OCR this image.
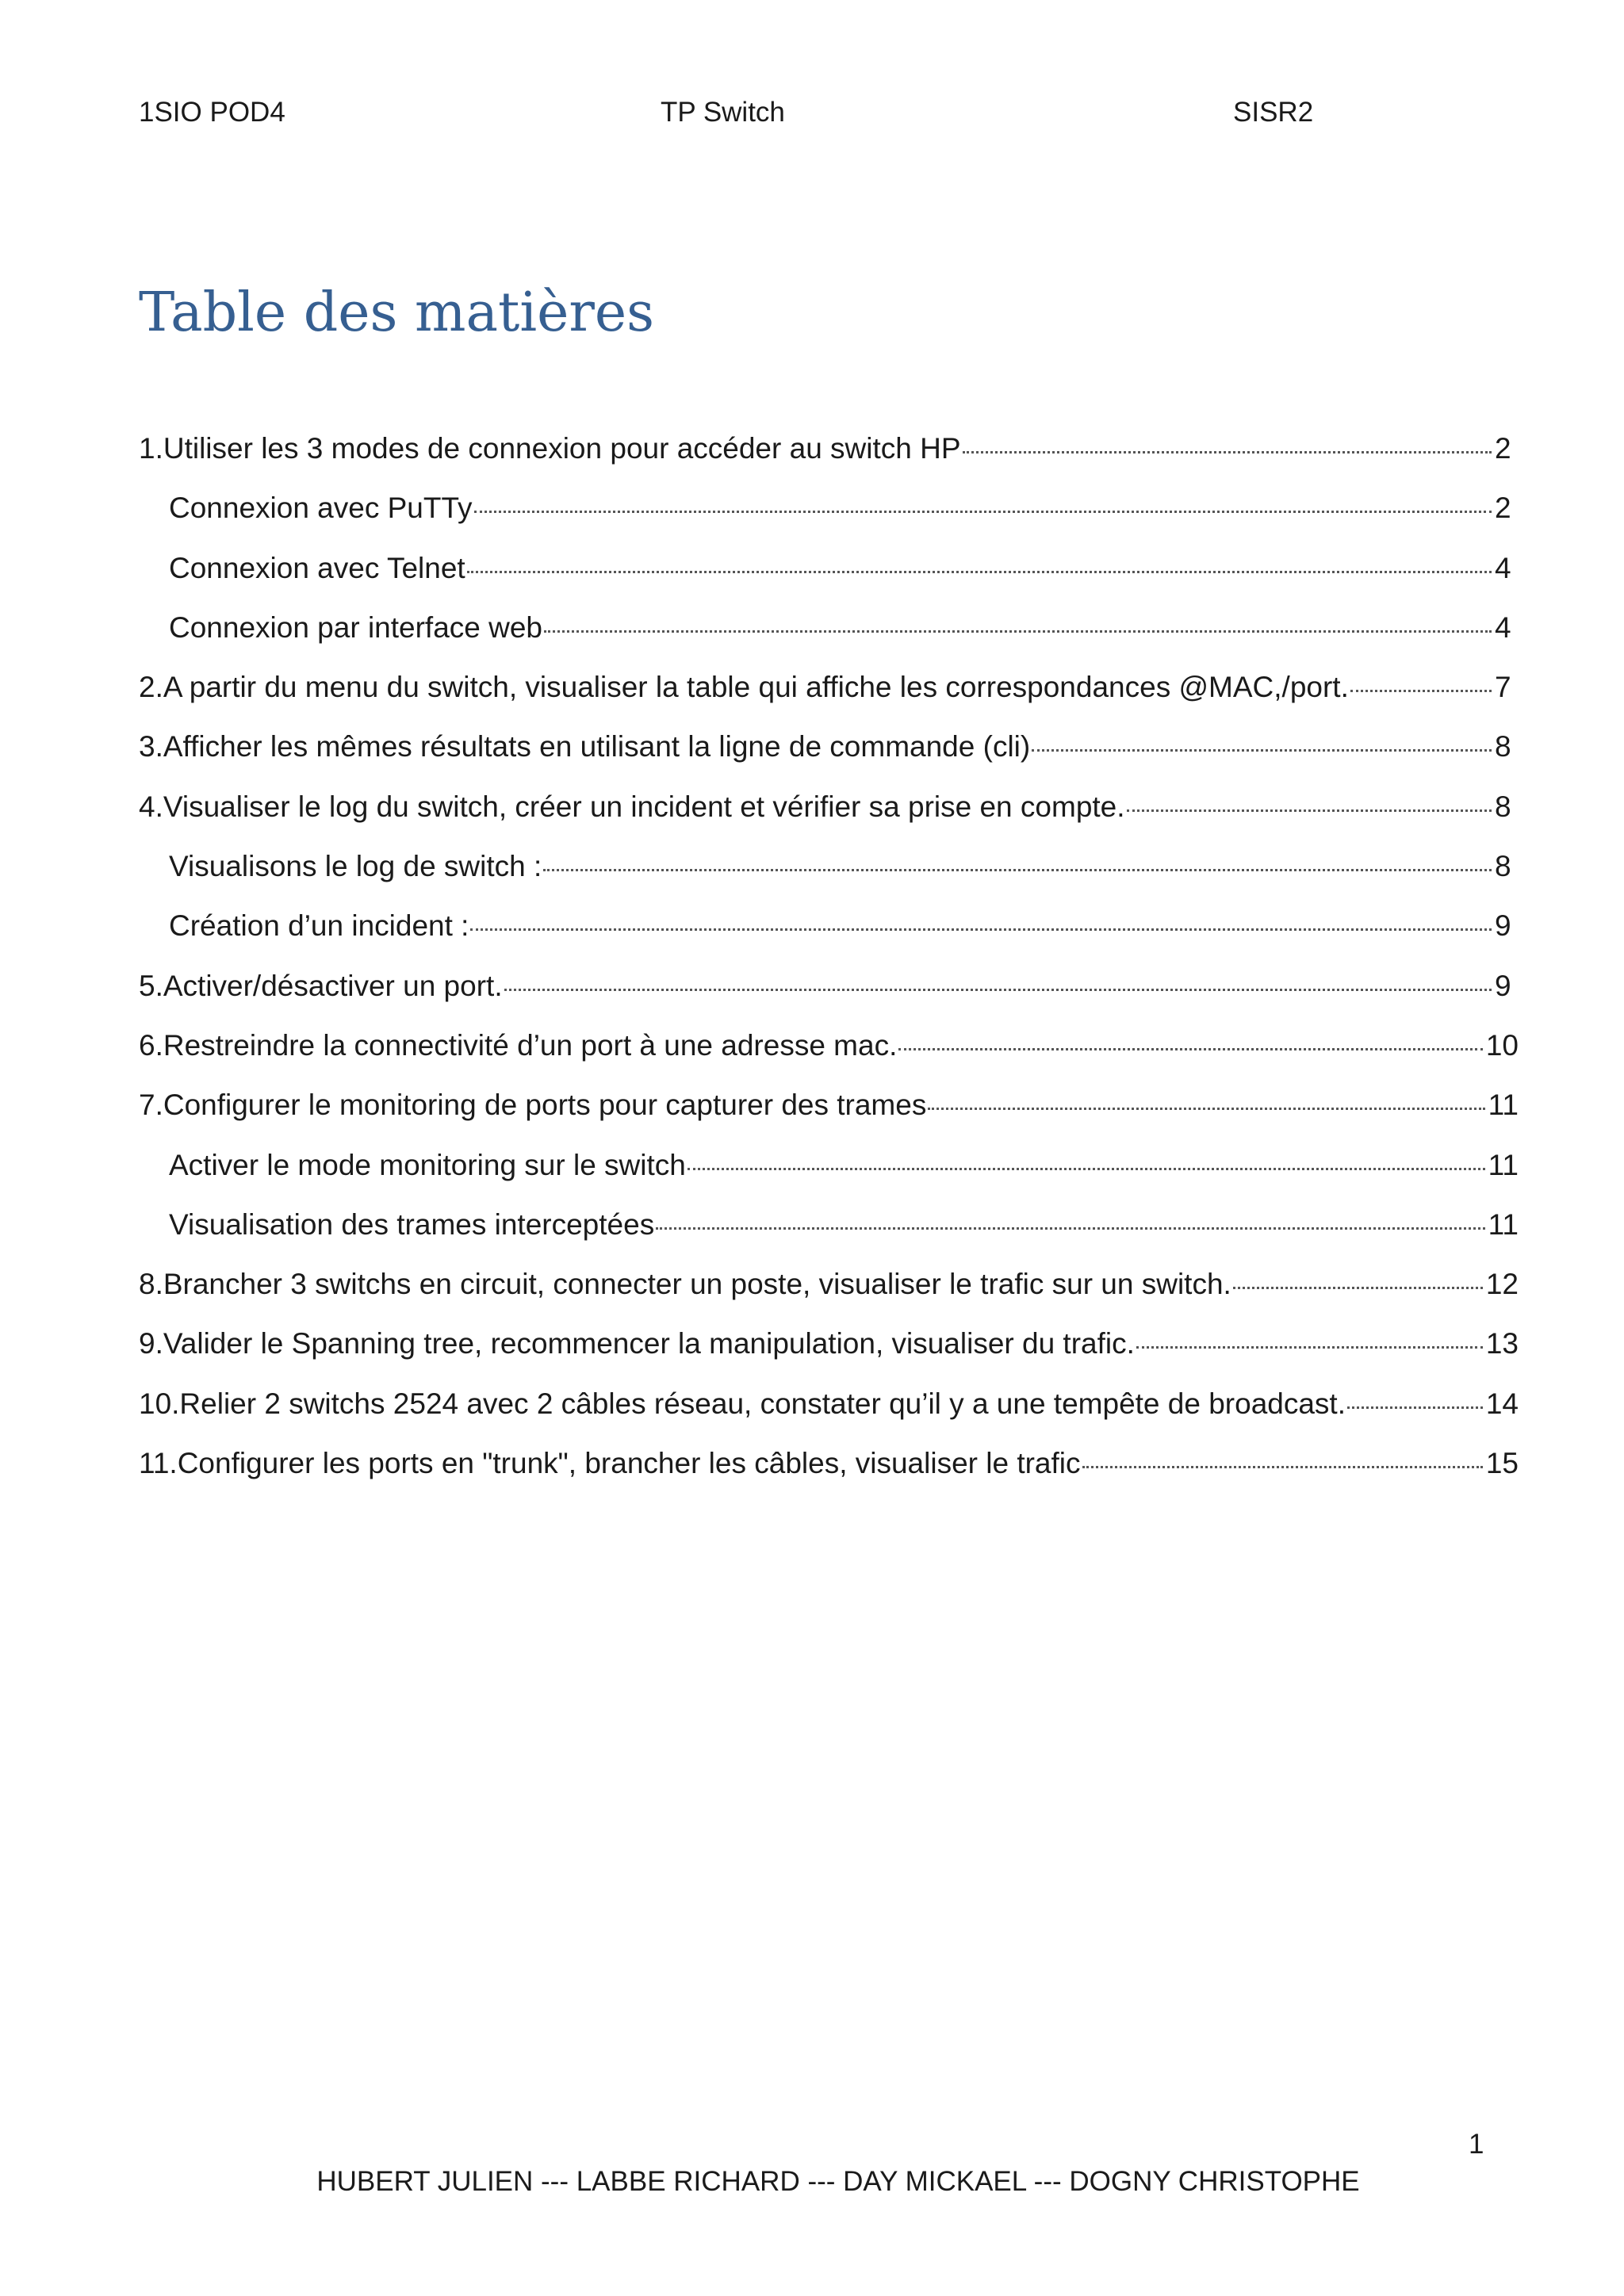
1SIO POD4	TP Switch	SISR2
Table des matières
1.Utiliser les 3 modes de connexion pour accéder au switch HP	2
Connexion avec PuTTy	2
Connexion avec Telnet	4
Connexion par interface web	4
2.A partir du menu du switch, visualiser la table qui affiche les correspondances @MAC,/port.	7
3.Afficher les mêmes résultats en utilisant la ligne de commande (cli)	8
4.Visualiser le log du switch, créer un incident et vérifier sa prise en compte.	8
Visualisons le log de switch :	8
Création d’un incident :	9
5.Activer/désactiver un port.	9
6.Restreindre la connectivité d’un port à une adresse mac.	10
7.Configurer le monitoring de ports pour capturer des trames	11
Activer le mode monitoring sur le switch	11
Visualisation des trames interceptées	11
8.Brancher 3 switchs en circuit, connecter un poste, visualiser le trafic sur un switch.	12
9.Valider le Spanning tree, recommencer la manipulation, visualiser du trafic.	13
10.Relier 2 switchs 2524 avec 2 câbles réseau, constater qu’il y a une tempête de broadcast.	14
11.Configurer les ports en "trunk", brancher les câbles, visualiser le trafic	15
1
HUBERT JULIEN --- LABBE RICHARD --- DAY MICKAEL --- DOGNY CHRISTOPHE
